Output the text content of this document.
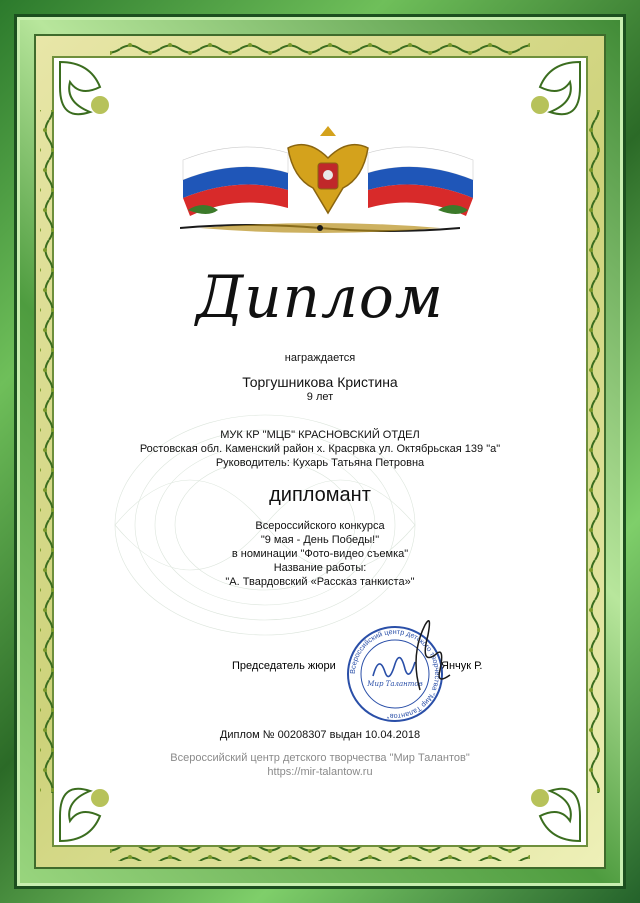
Диплом
награждается
Торгушникова Кристина
9 лет
МУК КР "МЦБ" КРАСНОВСКИЙ ОТДЕЛ
Ростовская обл. Каменский район х. Красрвка ул. Октябрьская 139 "а"
Руководитель: Кухарь Татьяна Петровна
дипломант
Всероссийского конкурса
"9 мая - День Победы!"
в номинации "Фото-видео съемка"
Название работы:
"А. Твардовский «Рассказ танкиста»"
Председатель жюри	Янчук Р.
Диплом № 00208307 выдан 10.04.2018
Всероссийский центр детского творчества "Мир Талантов"
https://mir-talantow.ru
Всероссийский центр детского творчества "Мир Талантов"
Мир Талантов
